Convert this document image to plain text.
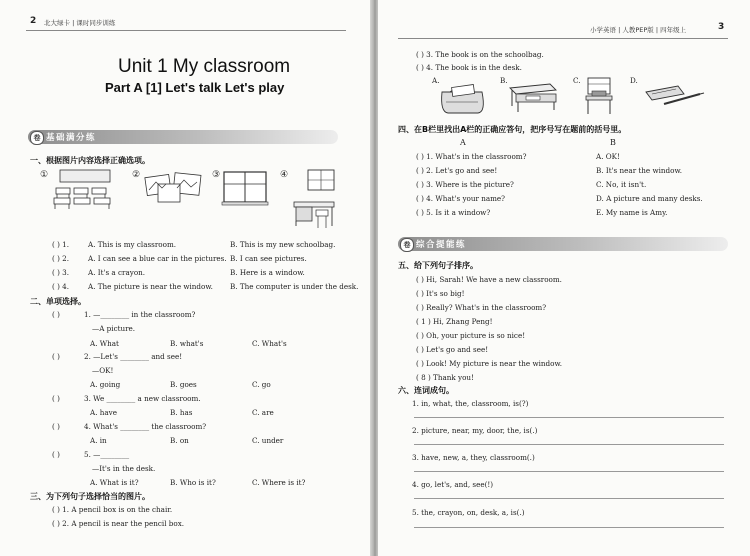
2 北大绿卡 | 课时同步训练
Unit 1 My classroom
Part A [1] Let's talk Let's play
卷 基础满分练
一、根据图片内容选择正确选项。
①	②	③	④
( ) 1.	A. This is my classroom.	B. This is my new schoolbag.
( ) 2.	A. I can see a blue car in the pictures. B. I can see pictures.
( ) 3.	A. It's a crayon.	B. Here is a window.
( ) 4.	A. The picture is near the window. B. The computer is under the desk.
二、单项选择。
( )	1. —________ in the classroom?
—A picture.
A. What	B. what's	C. What's
( )	2. —Let's ________ and see!
—OK!
A. going	B. goes	C. go
( )	3. We ________ a new classroom.
A. have	B. has	C. are
( )	4. What's ________ the classroom?
A. in	B. on	C. under
( )	5. —________
—It's in the desk.
A. What is it?	B. Who is it?	C. Where is it?
三、为下列句子选择恰当的图片。
( ) 1. A pencil box is on the chair.
( ) 2. A pencil is near the pencil box.
小学英语 | 人教PEP版 | 四年级上	3
( ) 3. The book is on the schoolbag.
( ) 4. The book is in the desk.
A.	B.	C.	D.
四、在B栏里找出A栏的正确应答句，把序号写在题前的括号里。
A	B
( ) 1. What's in the classroom?	A. OK!
( ) 2. Let's go and see!	B. It's near the window.
( ) 3. Where is the picture?	C. No, it isn't.
( ) 4. What's your name?	D. A picture and many desks.
( ) 5. Is it a window?	E. My name is Amy.
卷 综合提能练
五、给下列句子排序。
( ) Hi, Sarah! We have a new classroom.
( ) It's so big!
( ) Really? What's in the classroom?
( 1 ) Hi, Zhang Peng!
( ) Oh, your picture is so nice!
( ) Let's go and see!
( ) Look! My picture is near the window.
( 8 ) Thank you!
六、连词成句。
1. in, what, the, classroom, is(?)
2. picture, near, my, door, the, is(.)
3. have, new, a, they, classroom(.)
4. go, let's, and, see(!)
5. the, crayon, on, desk, a, is(.)
